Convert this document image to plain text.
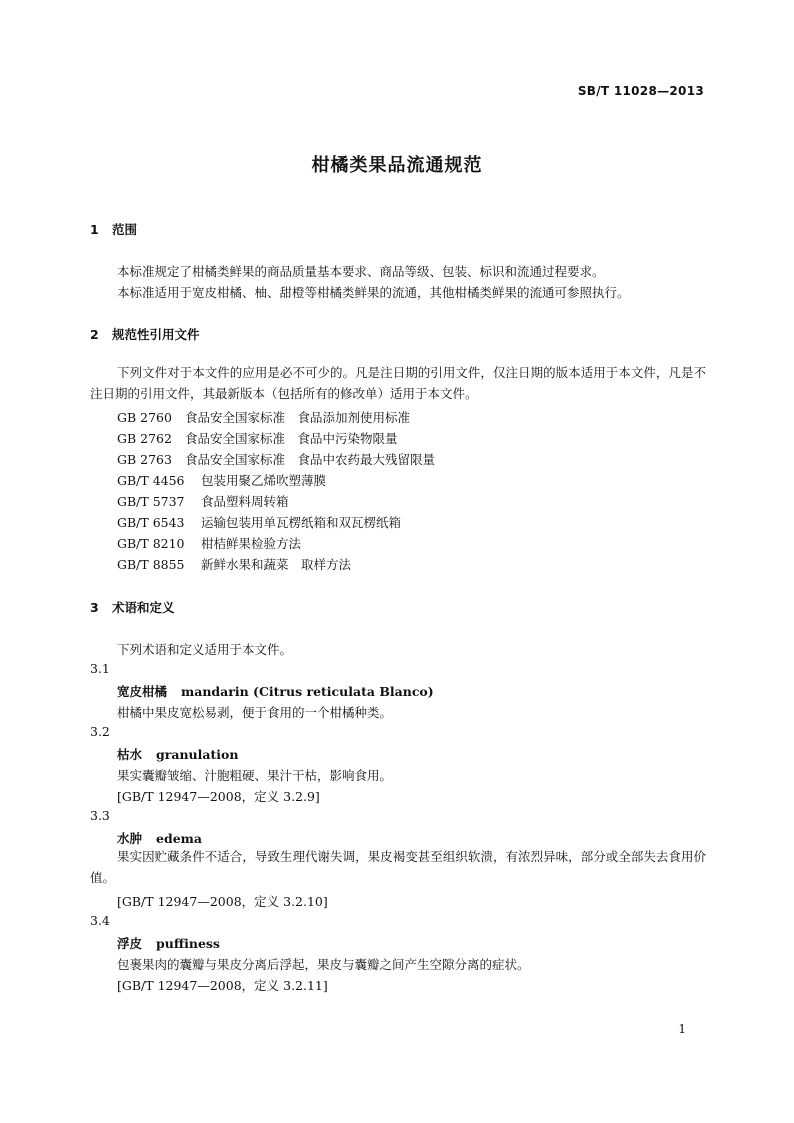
SB/T 11028—2013
柑橘类果品流通规范
1 范围
本标准规定了柑橘类鲜果的商品质量基本要求、商品等级、包装、标识和流通过程要求。
本标准适用于宽皮柑橘、柚、甜橙等柑橘类鲜果的流通，其他柑橘类鲜果的流通可参照执行。
2 规范性引用文件
下列文件对于本文件的应用是必不可少的。凡是注日期的引用文件，仅注日期的版本适用于本文件，凡是不注日期的引用文件，其最新版本（包括所有的修改单）适用于本文件。
GB 2760 食品安全国家标准　食品添加剂使用标准
GB 2762 食品安全国家标准　食品中污染物限量
GB 2763 食品安全国家标准　食品中农药最大残留限量
GB/T 4456 包装用聚乙烯吹塑薄膜
GB/T 5737 食品塑料周转箱
GB/T 6543 运输包装用单瓦楞纸箱和双瓦楞纸箱
GB/T 8210 柑桔鲜果检验方法
GB/T 8855 新鲜水果和蔬菜　取样方法
3 术语和定义
下列术语和定义适用于本文件。
3.1
宽皮柑橘 mandarin (Citrus reticulata Blanco)
柑橘中果皮宽松易剥，便于食用的一个柑橘种类。
3.2
枯水 granulation
果实囊瓣皱缩、汁胞粗硬、果汁干枯，影响食用。
[GB/T 12947—2008，定义 3.2.9]
3.3
水肿 edema
果实因贮藏条件不适合，导致生理代谢失调，果皮褐变甚至组织软溃，有浓烈异味，部分或全部失去食用价值。
[GB/T 12947—2008，定义 3.2.10]
3.4
浮皮 puffiness
包裹果肉的囊瓣与果皮分离后浮起，果皮与囊瓣之间产生空隙分离的症状。
[GB/T 12947—2008，定义 3.2.11]
1
